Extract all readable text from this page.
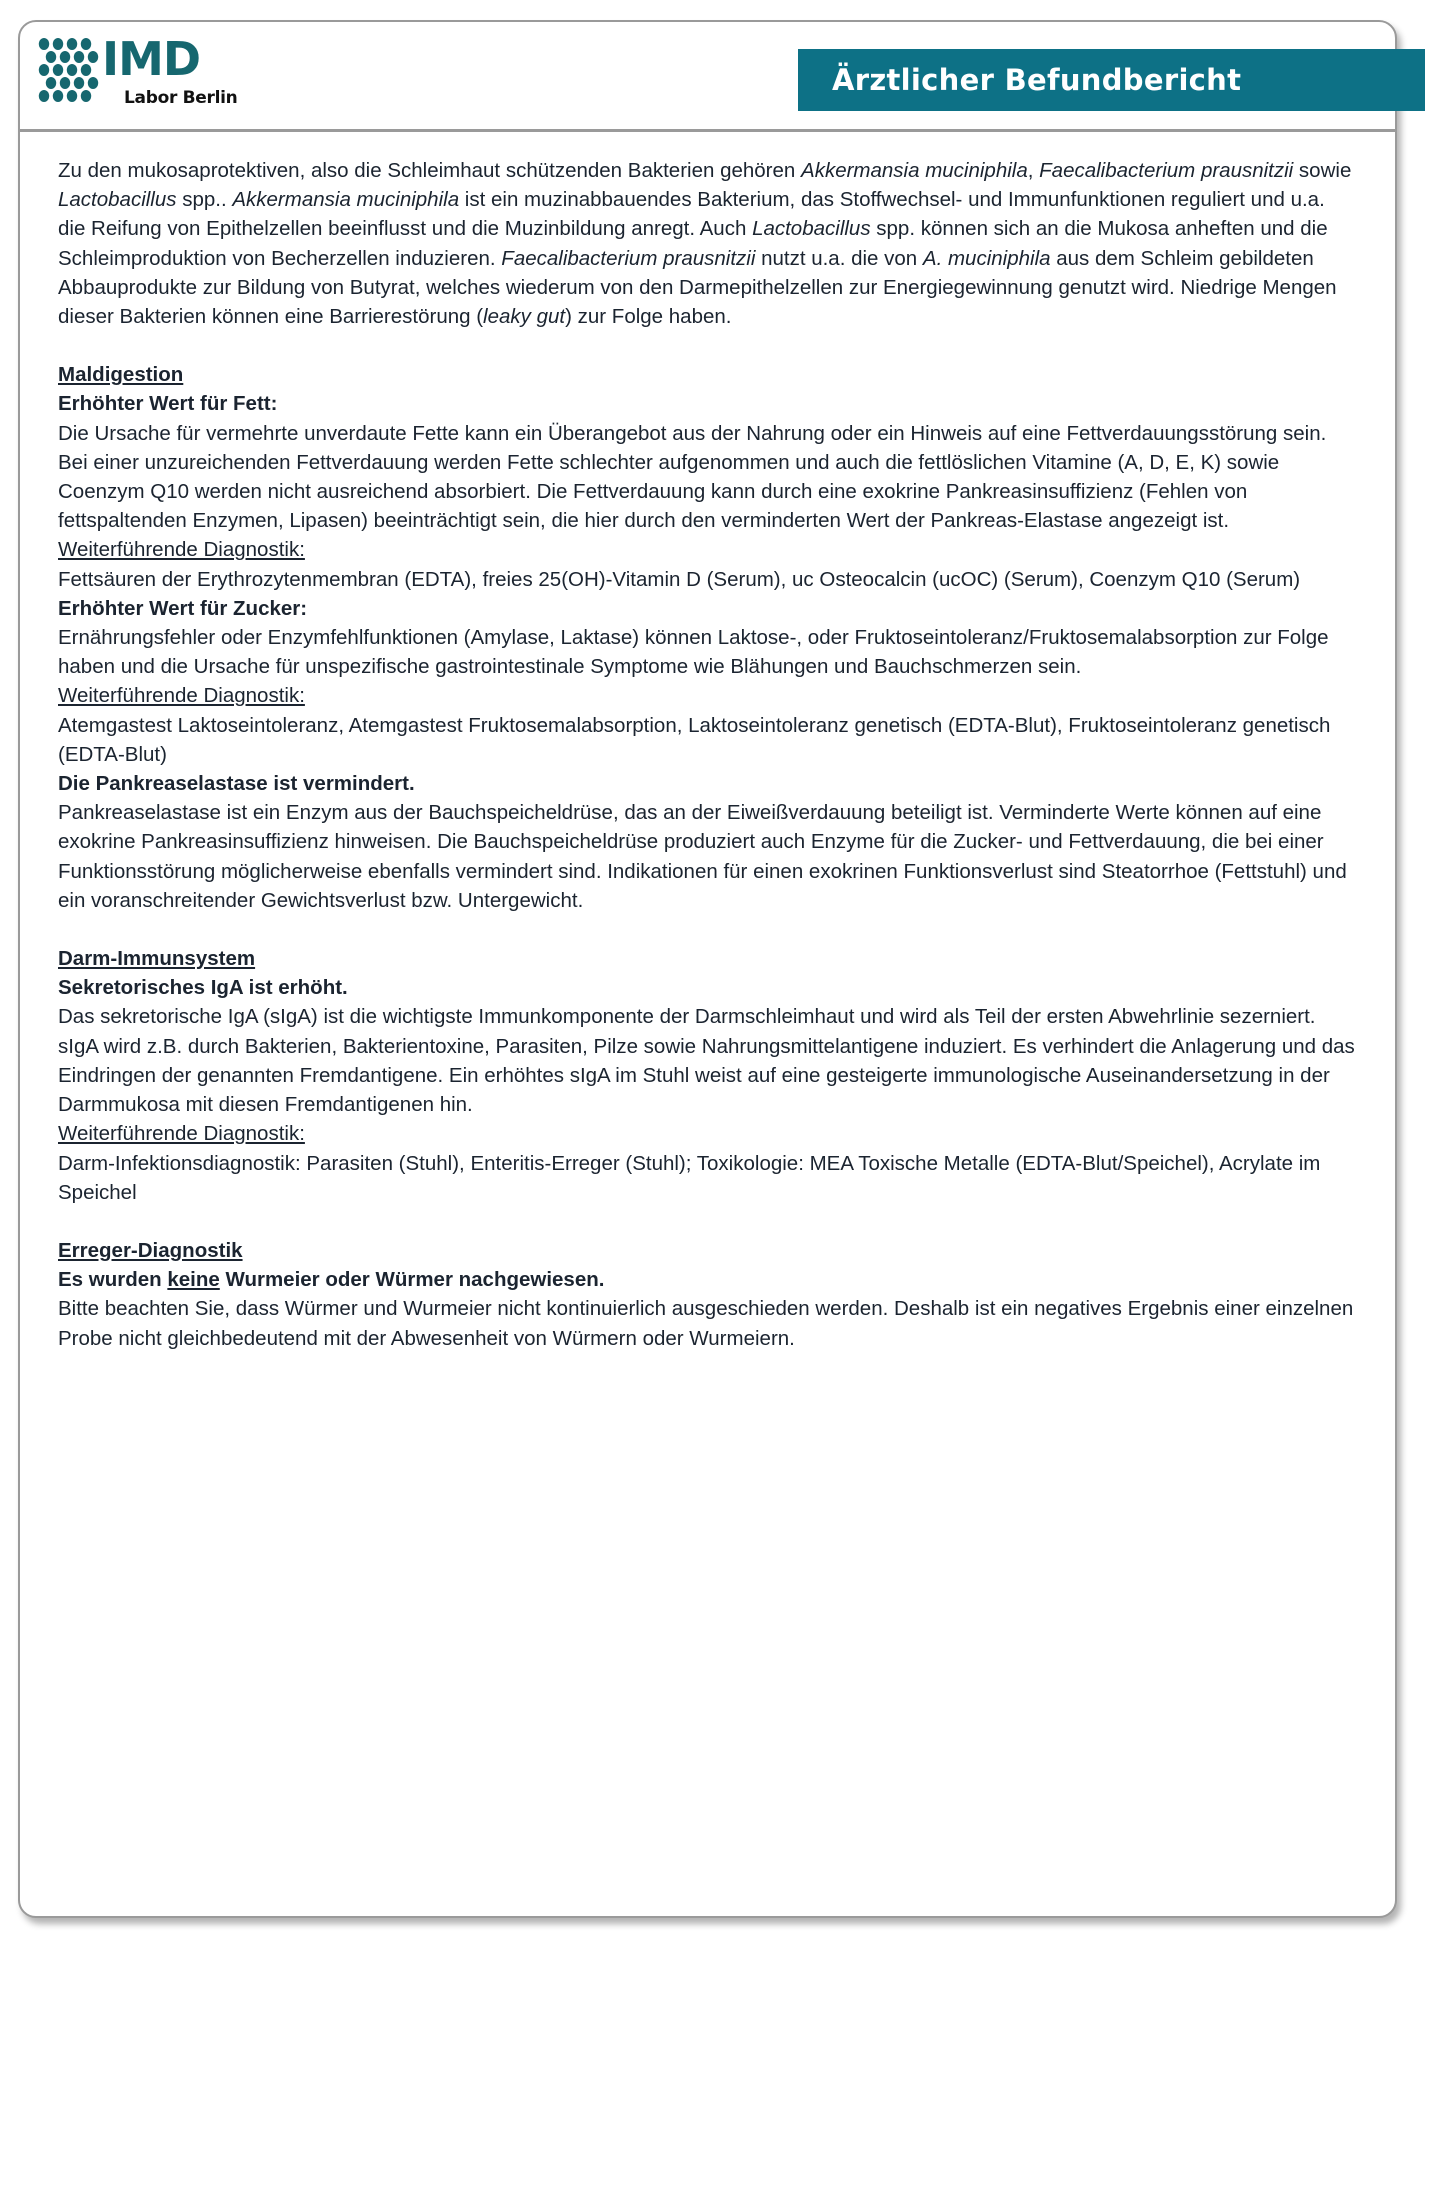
IMD
Labor Berlin
Ärztlicher Befundbericht

Zu den mukosaprotektiven, also die Schleimhaut schützenden Bakterien gehören Akkermansia muciniphila, Faecalibacterium prausnitzii sowie Lactobacillus spp.. Akkermansia muciniphila ist ein muzinabbauendes Bakterium, das Stoffwechsel- und Immunfunktionen reguliert und u.a. die Reifung von Epithelzellen beeinflusst und die Muzinbildung anregt. Auch Lactobacillus spp. können sich an die Mukosa anheften und die Schleimproduktion von Becherzellen induzieren. Faecalibacterium prausnitzii nutzt u.a. die von A. muciniphila aus dem Schleim gebildeten Abbauprodukte zur Bildung von Butyrat, welches wiederum von den Darmepithelzellen zur Energiegewinnung genutzt wird. Niedrige Mengen dieser Bakterien können eine Barrierestörung (leaky gut) zur Folge haben.

Maldigestion

Erhöhter Wert für Fett:

Die Ursache für vermehrte unverdaute Fette kann ein Überangebot aus der Nahrung oder ein Hinweis auf eine Fettverdauungsstörung sein.

Bei einer unzureichenden Fettverdauung werden Fette schlechter aufgenommen und auch die fettlöslichen Vitamine (A, D, E, K) sowie Coenzym Q10 werden nicht ausreichend absorbiert. Die Fettverdauung kann durch eine exokrine Pankreasinsuffizienz (Fehlen von fettspaltenden Enzymen, Lipasen) beeinträchtigt sein, die hier durch den verminderten Wert der Pankreas-Elastase angezeigt ist.

Weiterführende Diagnostik:

Fettsäuren der Erythrozytenmembran (EDTA), freies 25(OH)-Vitamin D (Serum), uc Osteocalcin (ucOC) (Serum), Coenzym Q10 (Serum)

Erhöhter Wert für Zucker:

Ernährungsfehler oder Enzymfehlfunktionen (Amylase, Laktase) können Laktose-, oder Fruktoseintoleranz/Fruktosemalabsorption zur Folge haben und die Ursache für unspezifische gastrointestinale Symptome wie Blähungen und Bauchschmerzen sein.

Weiterführende Diagnostik:

Atemgastest Laktoseintoleranz, Atemgastest Fruktosemalabsorption, Laktoseintoleranz genetisch (EDTA-Blut), Fruktoseintoleranz genetisch (EDTA-Blut)

Die Pankreaselastase ist vermindert.

Pankreaselastase ist ein Enzym aus der Bauchspeicheldrüse, das an der Eiweißverdauung beteiligt ist. Verminderte Werte können auf eine exokrine Pankreasinsuffizienz hinweisen. Die Bauchspeicheldrüse produziert auch Enzyme für die Zucker- und Fettverdauung, die bei einer Funktionsstörung möglicherweise ebenfalls vermindert sind. Indikationen für einen exokrinen Funktionsverlust sind Steatorrhoe (Fettstuhl) und ein voranschreitender Gewichtsverlust bzw. Untergewicht.

Darm-Immunsystem

Sekretorisches IgA ist erhöht.

Das sekretorische IgA (sIgA) ist die wichtigste Immunkomponente der Darmschleimhaut und wird als Teil der ersten Abwehrlinie sezerniert. sIgA wird z.B. durch Bakterien, Bakterientoxine, Parasiten, Pilze sowie Nahrungsmittelantigene induziert. Es verhindert die Anlagerung und das Eindringen der genannten Fremdantigene. Ein erhöhtes sIgA im Stuhl weist auf eine gesteigerte immunologische Auseinandersetzung in der Darmmukosa mit diesen Fremdantigenen hin.

Weiterführende Diagnostik:

Darm-Infektionsdiagnostik: Parasiten (Stuhl), Enteritis-Erreger (Stuhl); Toxikologie: MEA Toxische Metalle (EDTA-Blut/Speichel), Acrylate im Speichel

Erreger-Diagnostik

Es wurden keine Wurmeier oder Würmer nachgewiesen.

Bitte beachten Sie, dass Würmer und Wurmeier nicht kontinuierlich ausgeschieden werden. Deshalb ist ein negatives Ergebnis einer einzelnen Probe nicht gleichbedeutend mit der Abwesenheit von Würmern oder Wurmeiern.
